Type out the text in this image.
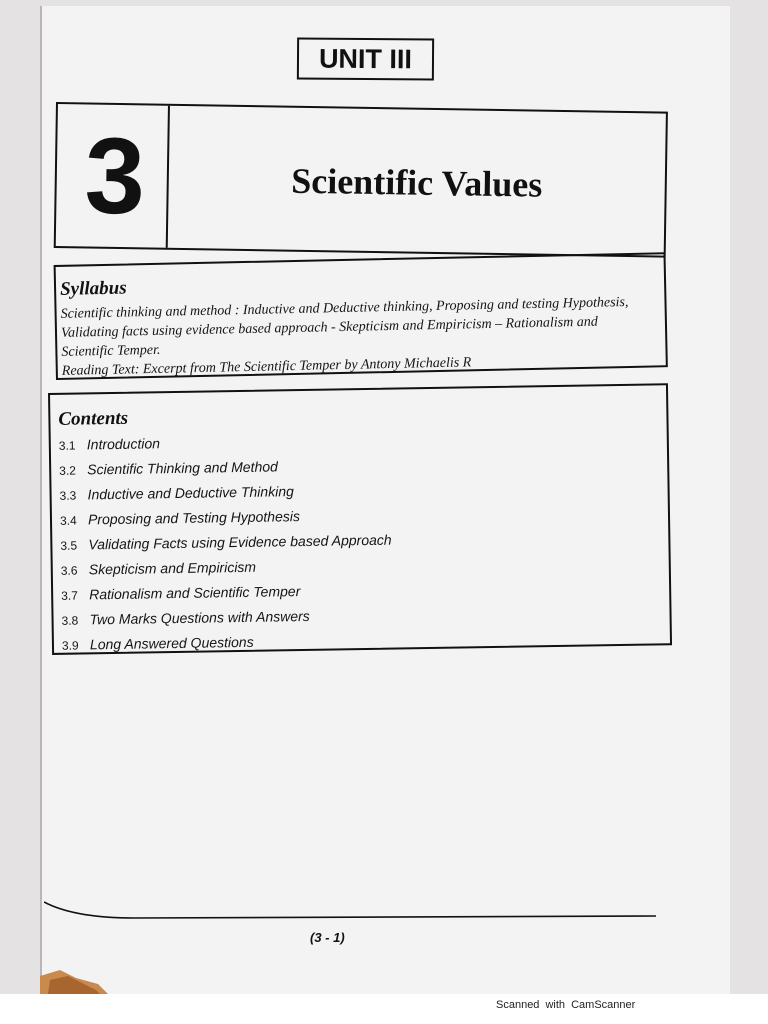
UNIT III
3	Scientific Values
Syllabus
Scientific thinking and method : Inductive and Deductive thinking, Proposing and testing Hypothesis,
Validating facts using evidence based approach - Skepticism and Empiricism – Rationalism and
Scientific Temper.
Reading Text: Excerpt from The Scientific Temper by Antony Michaelis R
Contents
3.1 Introduction
3.2 Scientific Thinking and Method
3.3 Inductive and Deductive Thinking
3.4 Proposing and Testing Hypothesis
3.5 Validating Facts using Evidence based Approach
3.6 Skepticism and Empiricism
3.7 Rationalism and Scientific Temper
3.8 Two Marks Questions with Answers
3.9 Long Answered Questions
(3 - 1)
Scanned with CamScanner
